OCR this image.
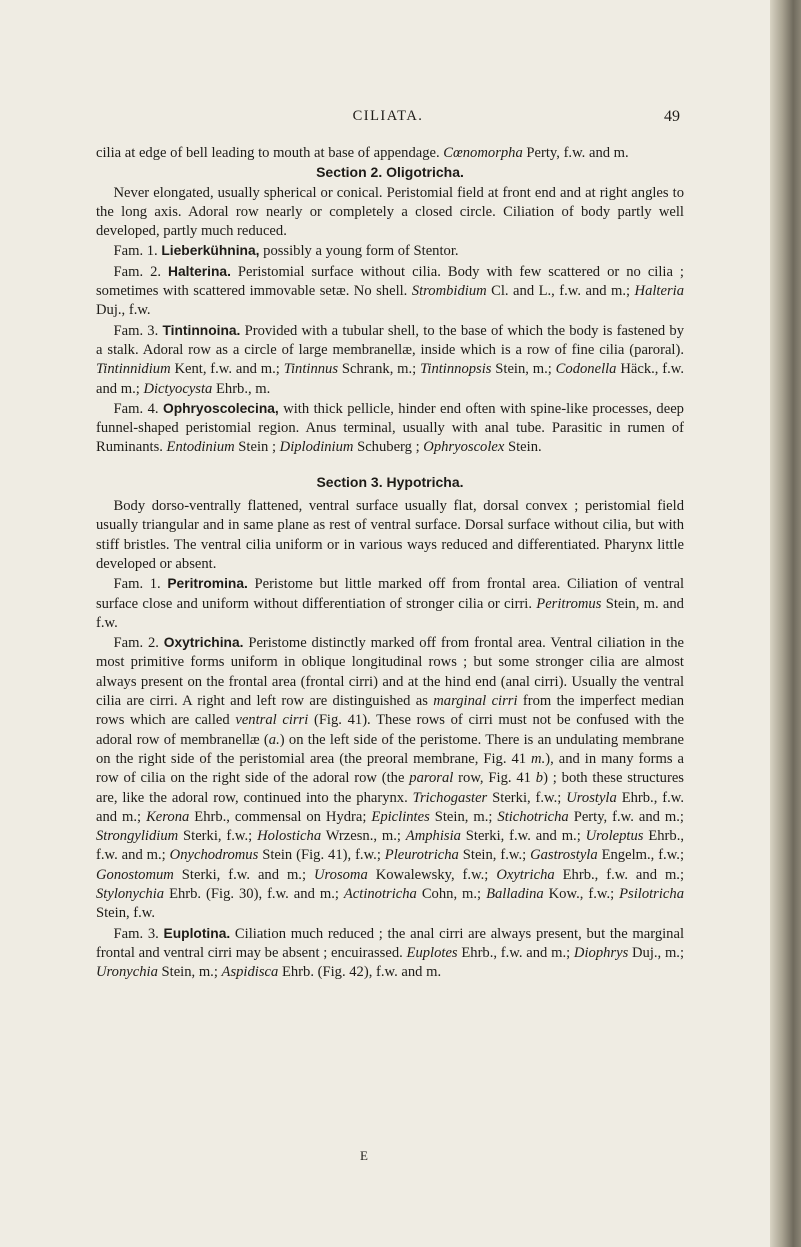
CILIATA.	49

cilia at edge of bell leading to mouth at base of appendage. Cœnomorpha Perty, f.w. and m.

Section 2. Oligotricha.

Never elongated, usually spherical or conical. Peristomial field at front end and at right angles to the long axis. Adoral row nearly or completely a closed circle. Ciliation of body partly well developed, partly much reduced.

Fam. 1. Lieberkühnina, possibly a young form of Stentor.

Fam. 2. Halterina. Peristomial surface without cilia. Body with few scattered or no cilia ; sometimes with scattered immovable setæ. No shell. Strombidium Cl. and L., f.w. and m.; Halteria Duj., f.w.

Fam. 3. Tintinnoina. Provided with a tubular shell, to the base of which the body is fastened by a stalk. Adoral row as a circle of large membranellæ, inside which is a row of fine cilia (paroral). Tintinnidium Kent, f.w. and m.; Tintinnus Schrank, m.; Tintinnopsis Stein, m.; Codonella Häck., f.w. and m.; Dictyocysta Ehrb., m.

Fam. 4. Ophryoscolecina, with thick pellicle, hinder end often with spine-like processes, deep funnel-shaped peristomial region. Anus terminal, usually with anal tube. Parasitic in rumen of Ruminants. Entodinium Stein ; Diplodinium Schuberg ; Ophryoscolex Stein.

Section 3. Hypotricha.

Body dorso-ventrally flattened, ventral surface usually flat, dorsal convex ; peristomial field usually triangular and in same plane as rest of ventral surface. Dorsal surface without cilia, but with stiff bristles. The ventral cilia uniform or in various ways reduced and differentiated. Pharynx little developed or absent.

Fam. 1. Peritromina. Peristome but little marked off from frontal area. Ciliation of ventral surface close and uniform without differentiation of stronger cilia or cirri. Peritromus Stein, m. and f.w.

Fam. 2. Oxytrichina. Peristome distinctly marked off from frontal area. Ventral ciliation in the most primitive forms uniform in oblique longitudinal rows ; but some stronger cilia are almost always present on the frontal area (frontal cirri) and at the hind end (anal cirri). Usually the ventral cilia are cirri. A right and left row are distinguished as marginal cirri from the imperfect median rows which are called ventral cirri (Fig. 41). These rows of cirri must not be confused with the adoral row of membranellæ (a.) on the left side of the peristome. There is an undulating membrane on the right side of the peristomial area (the preoral membrane, Fig. 41 m.), and in many forms a row of cilia on the right side of the adoral row (the paroral row, Fig. 41 b) ; both these structures are, like the adoral row, continued into the pharynx. Trichogaster Sterki, f.w.; Urostyla Ehrb., f.w. and m.; Kerona Ehrb., commensal on Hydra; Epiclintes Stein, m.; Stichotricha Perty, f.w. and m.; Strongylidium Sterki, f.w.; Holosticha Wrzesn., m.; Amphisia Sterki, f.w. and m.; Uroleptus Ehrb., f.w. and m.; Onychodromus Stein (Fig. 41), f.w.; Pleurotricha Stein, f.w.; Gastrostyla Engelm., f.w.; Gonostomum Sterki, f.w. and m.; Urosoma Kowalewsky, f.w.; Oxytricha Ehrb., f.w. and m.; Stylonychia Ehrb. (Fig. 30), f.w. and m.; Actinotricha Cohn, m.; Balladina Kow., f.w.; Psilotricha Stein, f.w.

Fam. 3. Euplotina. Ciliation much reduced ; the anal cirri are always present, but the marginal frontal and ventral cirri may be absent ; encuirassed. Euplotes Ehrb., f.w. and m.; Diophrys Duj., m.; Uronychia Stein, m.; Aspidisca Ehrb. (Fig. 42), f.w. and m.

E
